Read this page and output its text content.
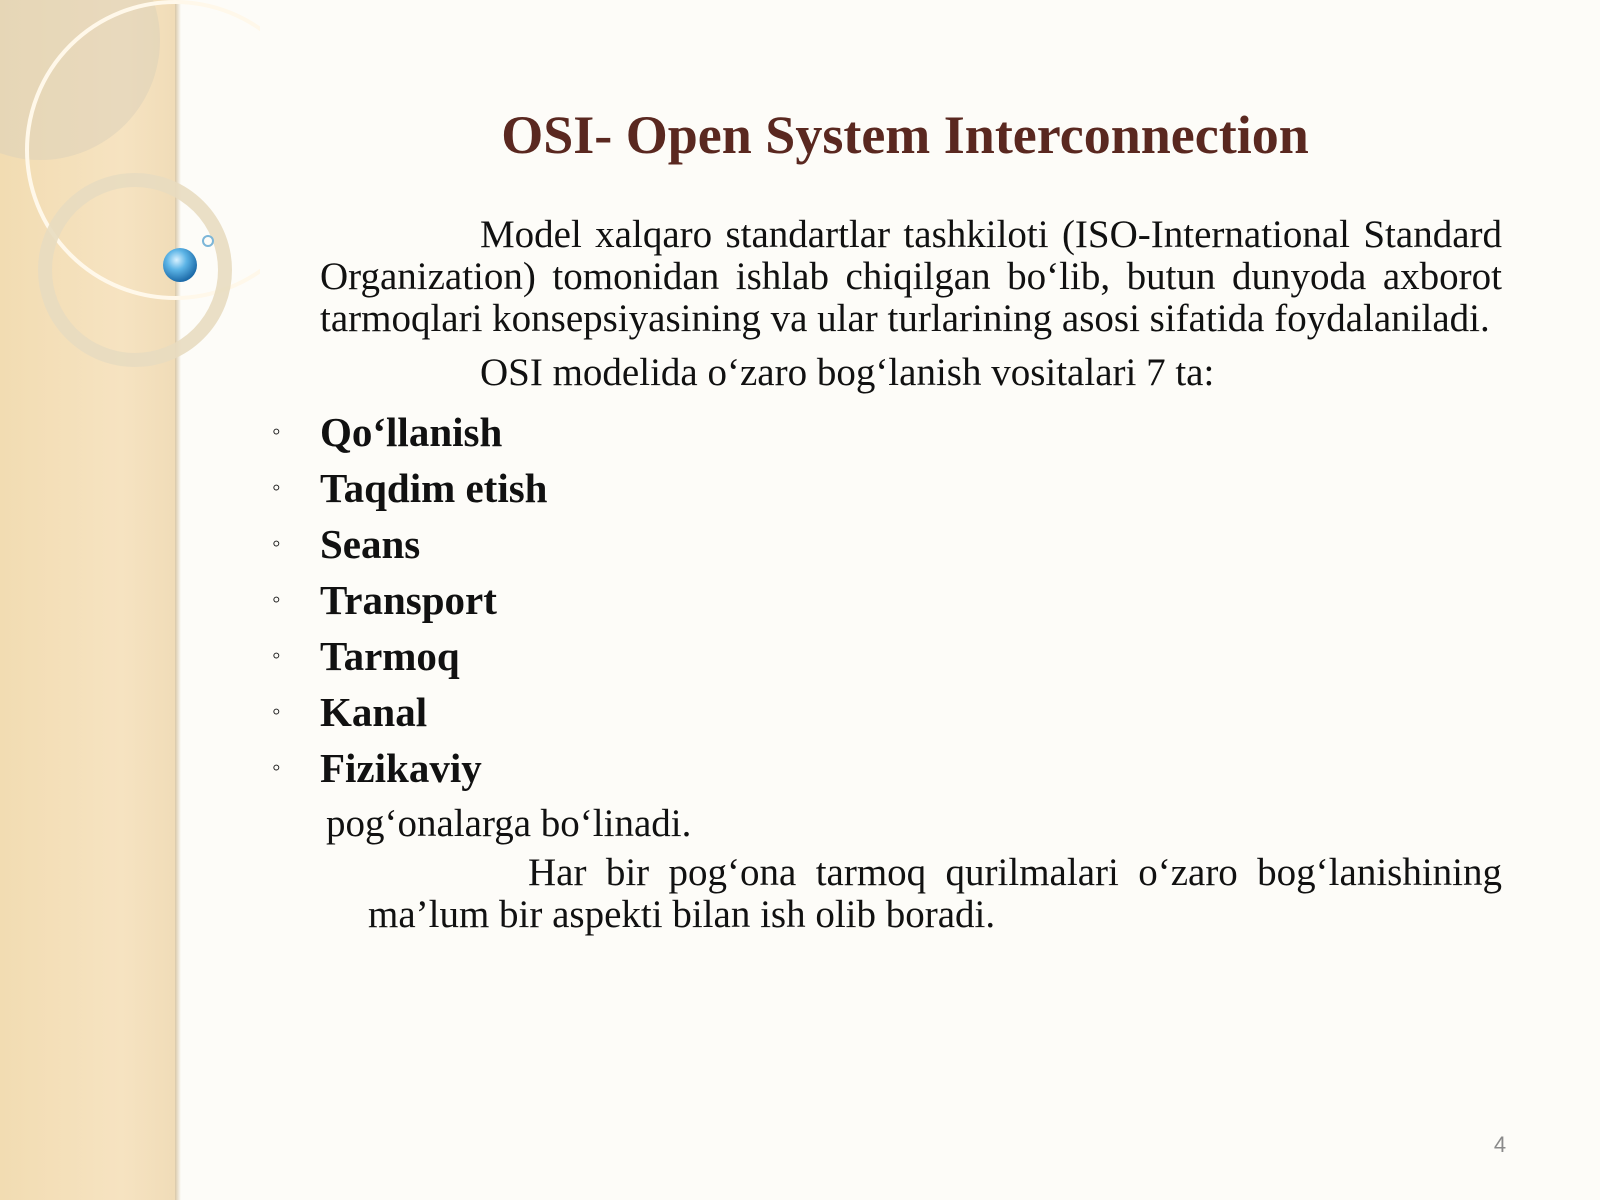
OSI- Open System Interconnection

Model xalqaro standartlar tashkiloti (ISO-International Standard Organization) tomonidan ishlab chiqilgan bo‘lib, butun dunyoda axborot tarmoqlari konsepsiyasining va ular turlarining asosi sifatida foydalaniladi.

OSI modelida o‘zaro bog‘lanish vositalari 7 ta:

◦ Qo‘llanish
◦ Taqdim etish
◦ Seans
◦ Transport
◦ Tarmoq
◦ Kanal
◦ Fizikaviy

pog‘onalarga bo‘linadi.

Har bir pog‘ona tarmoq qurilmalari o‘zaro bog‘lanishining ma’lum bir aspekti bilan ish olib boradi.

4
